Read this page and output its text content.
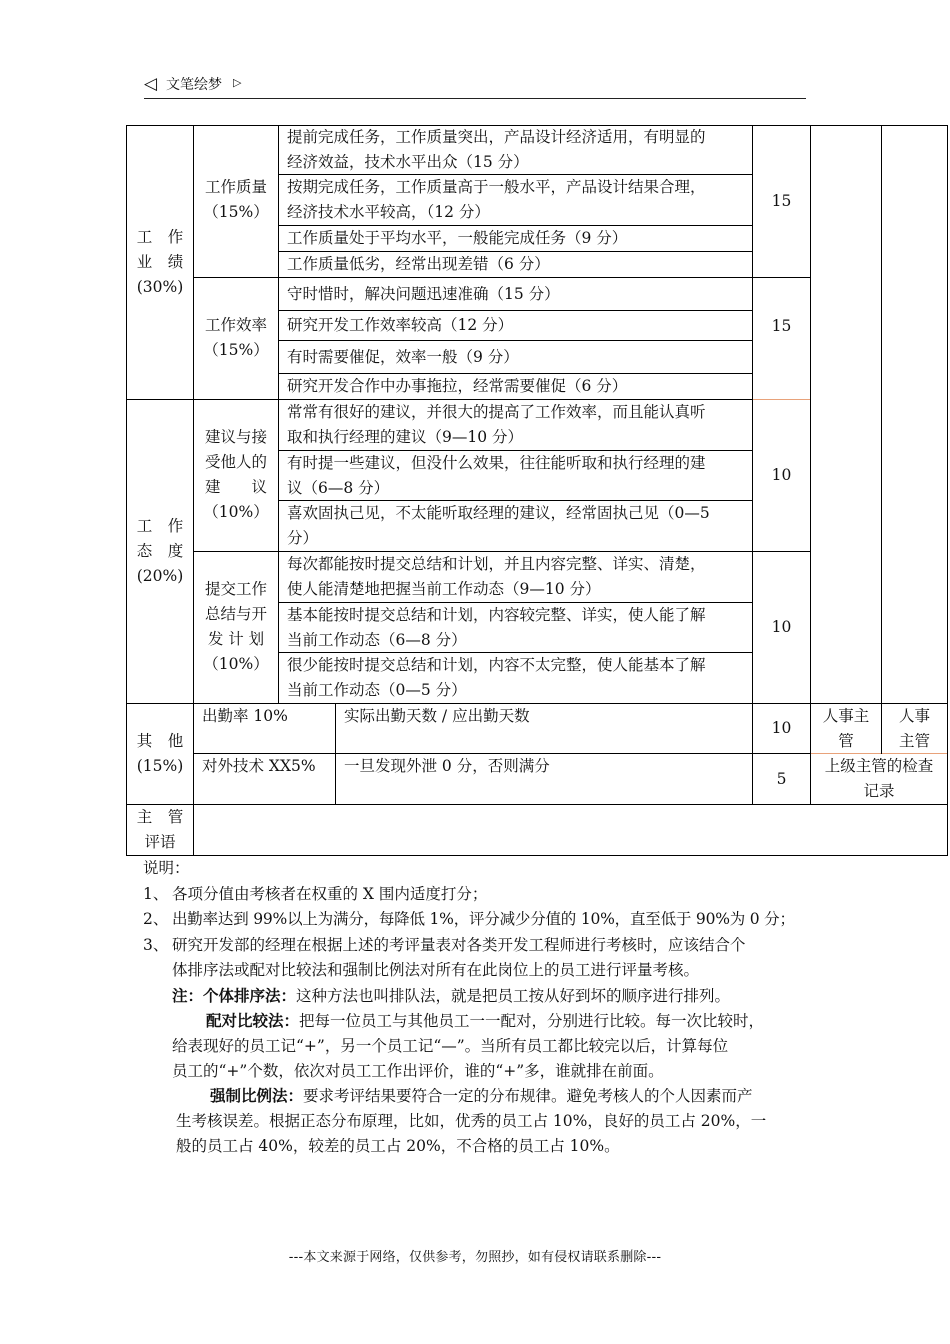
◁ 文笔绘梦 ▷
工　作
业　绩
(30%)
工作质量
（15%）
提前完成任务，工作质量突出，产品设计经济适用，有明显的
经济效益，技术水平出众（15 分）
按期完成任务，工作质量高于一般水平，产品设计结果合理，
经济技术水平较高，（12 分）
工作质量处于平均水平，一般能完成任务（9 分）
工作质量低劣，经常出现差错（6 分）
15
工作效率
（15%）
守时惜时，解决问题迅速准确（15 分）
研究开发工作效率较高（12 分）
有时需要催促，效率一般（9 分）
研究开发合作中办事拖拉，经常需要催促（6 分）
15
工　作
态　度
(20%)
建议与接
受他人的
建　　议
（10%）
常常有很好的建议，并很大的提高了工作效率，而且能认真听
取和执行经理的建议（9—10 分）
有时提一些建议，但没什么效果，往往能听取和执行经理的建
议（6—8 分）
喜欢固执己见，不太能听取经理的建议，经常固执己见（0—5
分）
10
提交工作
总结与开
发 计 划
（10%）
每次都能按时提交总结和计划，并且内容完整、详实、清楚，
使人能清楚地把握当前工作动态（9—10 分）
基本能按时提交总结和计划，内容较完整、详实，使人能了解
当前工作动态（6—8 分）
很少能按时提交总结和计划，内容不太完整，使人能基本了解
当前工作动态（0—5 分）
10
其　他
(15%)
出勤率 10%	实际出勤天数 / 应出勤天数
10
人事主
管
人事
主管
对外技术 XX5%	一旦发现外泄 0 分，否则满分
5
上级主管的检查
记录
主　管
评语
说明：
1、 各项分值由考核者在权重的 X 围内适度打分；
2、 出勤率达到 99%以上为满分，每降低 1%，评分减少分值的 10%，直至低于 90%为 0 分；
3、 研究开发部的经理在根据上述的考评量表对各类开发工程师进行考核时，应该结合个
体排序法或配对比较法和强制比例法对所有在此岗位上的员工进行评量考核。
注：个体排序法：这种方法也叫排队法，就是把员工按从好到坏的顺序进行排列。
配对比较法：把每一位员工与其他员工一一配对，分别进行比较。每一次比较时，
给表现好的员工记“+”，另一个员工记“—”。当所有员工都比较完以后，计算每位
员工的“+”个数，依次对员工工作出评价，谁的“+”多，谁就排在前面。
强制比例法：要求考评结果要符合一定的分布规律。避免考核人的个人因素而产
生考核误差。根据正态分布原理，比如，优秀的员工占 10%，良好的员工占 20%，一
般的员工占 40%，较差的员工占 20%，不合格的员工占 10%。
---本文来源于网络，仅供参考，勿照抄，如有侵权请联系删除---
